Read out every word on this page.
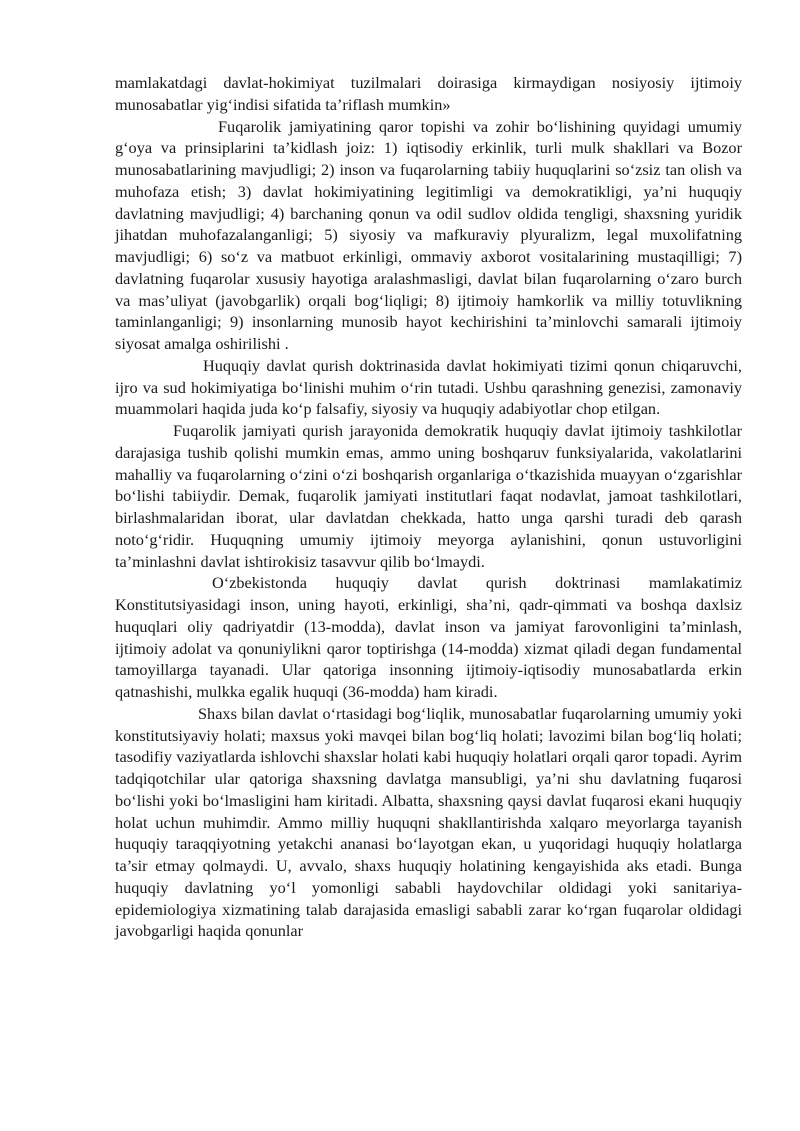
mamlakatdagi davlat-hokimiyat tuzilmalari doirasiga kirmaydigan nosiyosiy ijtimoiy munosabatlar yig‘indisi sifatida ta’riflash mumkin»

Fuqarolik jamiyatining qaror topishi va zohir bo‘lishining quyidagi umumiy g‘oya va prinsiplarini ta’kidlash joiz: 1) iqtisodiy erkinlik, turli mulk shakllari va Bozor munosabatlarining mavjudligi; 2) inson va fuqarolarning tabiiy huquqlarini so‘zsiz tan olish va muhofaza etish; 3) davlat hokimiyatining legitimligi va demokratikligi, ya’ni huquqiy davlatning mavjudligi; 4) barchaning qonun va odil sudlov oldida tengligi, shaxsning yuridik jihatdan muhofazalanganligi; 5) siyosiy va mafkuraviy plyuralizm, legal muxolifatning mavjudligi; 6) so‘z va matbuot erkinligi, ommaviy axborot vositalarining mustaqilligi; 7) davlatning fuqarolar xususiy hayotiga aralashmasligi, davlat bilan fuqarolarning o‘zaro burch va mas’uliyat (javobgarlik) orqali bog‘liqligi; 8) ijtimoiy hamkorlik va milliy totuvlikning taminlanganligi; 9) insonlarning munosib hayot kechirishini ta’minlovchi samarali ijtimoiy siyosat amalga oshirilishi .

Huquqiy davlat qurish doktrinasida davlat hokimiyati tizimi qonun chiqaruvchi, ijro va sud hokimiyatiga bo‘linishi muhim o‘rin tutadi. Ushbu qarashning genezisi, zamonaviy muammolari haqida juda ko‘p falsafiy, siyosiy va huquqiy adabiyotlar chop etilgan.

Fuqarolik jamiyati qurish jarayonida demokratik huquqiy davlat ijtimoiy tashkilotlar darajasiga tushib qolishi mumkin emas, ammo uning boshqaruv funksiyalarida, vakolatlarini mahalliy va fuqarolarning o‘zini o‘zi boshqarish organlariga o‘tkazishida muayyan o‘zgarishlar bo‘lishi tabiiydir. Demak, fuqarolik jamiyati institutlari faqat nodavlat, jamoat tashkilotlari, birlashmalaridan iborat, ular davlatdan chekkada, hatto unga qarshi turadi deb qarash noto‘g‘ridir. Huquqning umumiy ijtimoiy meyorga aylanishini, qonun ustuvorligini ta’minlashni davlat ishtirokisiz tasavvur qilib bo‘lmaydi.

O‘zbekistonda huquqiy davlat qurish doktrinasi mamlakatimiz Konstitutsiyasidagi inson, uning hayoti, erkinligi, sha’ni, qadr-qimmati va boshqa daxlsiz huquqlari oliy qadriyatdir (13-modda), davlat inson va jamiyat farovonligini ta’minlash, ijtimoiy adolat va qonuniylikni qaror toptirishga (14-modda) xizmat qiladi degan fundamental tamoyillarga tayanadi. Ular qatoriga insonning ijtimoiy-iqtisodiy munosabatlarda erkin qatnashishi, mulkka egalik huquqi (36-modda) ham kiradi.

Shaxs bilan davlat o‘rtasidagi bog‘liqlik, munosabatlar fuqarolarning umumiy yoki konstitutsiyaviy holati; maxsus yoki mavqei bilan bog‘liq holati; lavozimi bilan bog‘liq holati; tasodifiy vaziyatlarda ishlovchi shaxslar holati kabi huquqiy holatlari orqali qaror topadi. Ayrim tadqiqotchilar ular qatoriga shaxsning davlatga mansubligi, ya’ni shu davlatning fuqarosi bo‘lishi yoki bo‘lmasligini ham kiritadi. Albatta, shaxsning qaysi davlat fuqarosi ekani huquqiy holat uchun muhimdir. Ammo milliy huquqni shakllantirishda xalqaro meyorlarga tayanish huquqiy taraqqiyotning yetakchi ananasi bo‘layotgan ekan, u yuqoridagi huquqiy holatlarga ta’sir etmay qolmaydi. U, avvalo, shaxs huquqiy holatining kengayishida aks etadi. Bunga huquqiy davlatning yo‘l yomonligi sababli haydovchilar oldidagi yoki sanitariya-epidemiologiya xizmatining talab darajasida emasligi sababli zarar ko‘rgan fuqarolar oldidagi javobgarligi haqida qonunlar
